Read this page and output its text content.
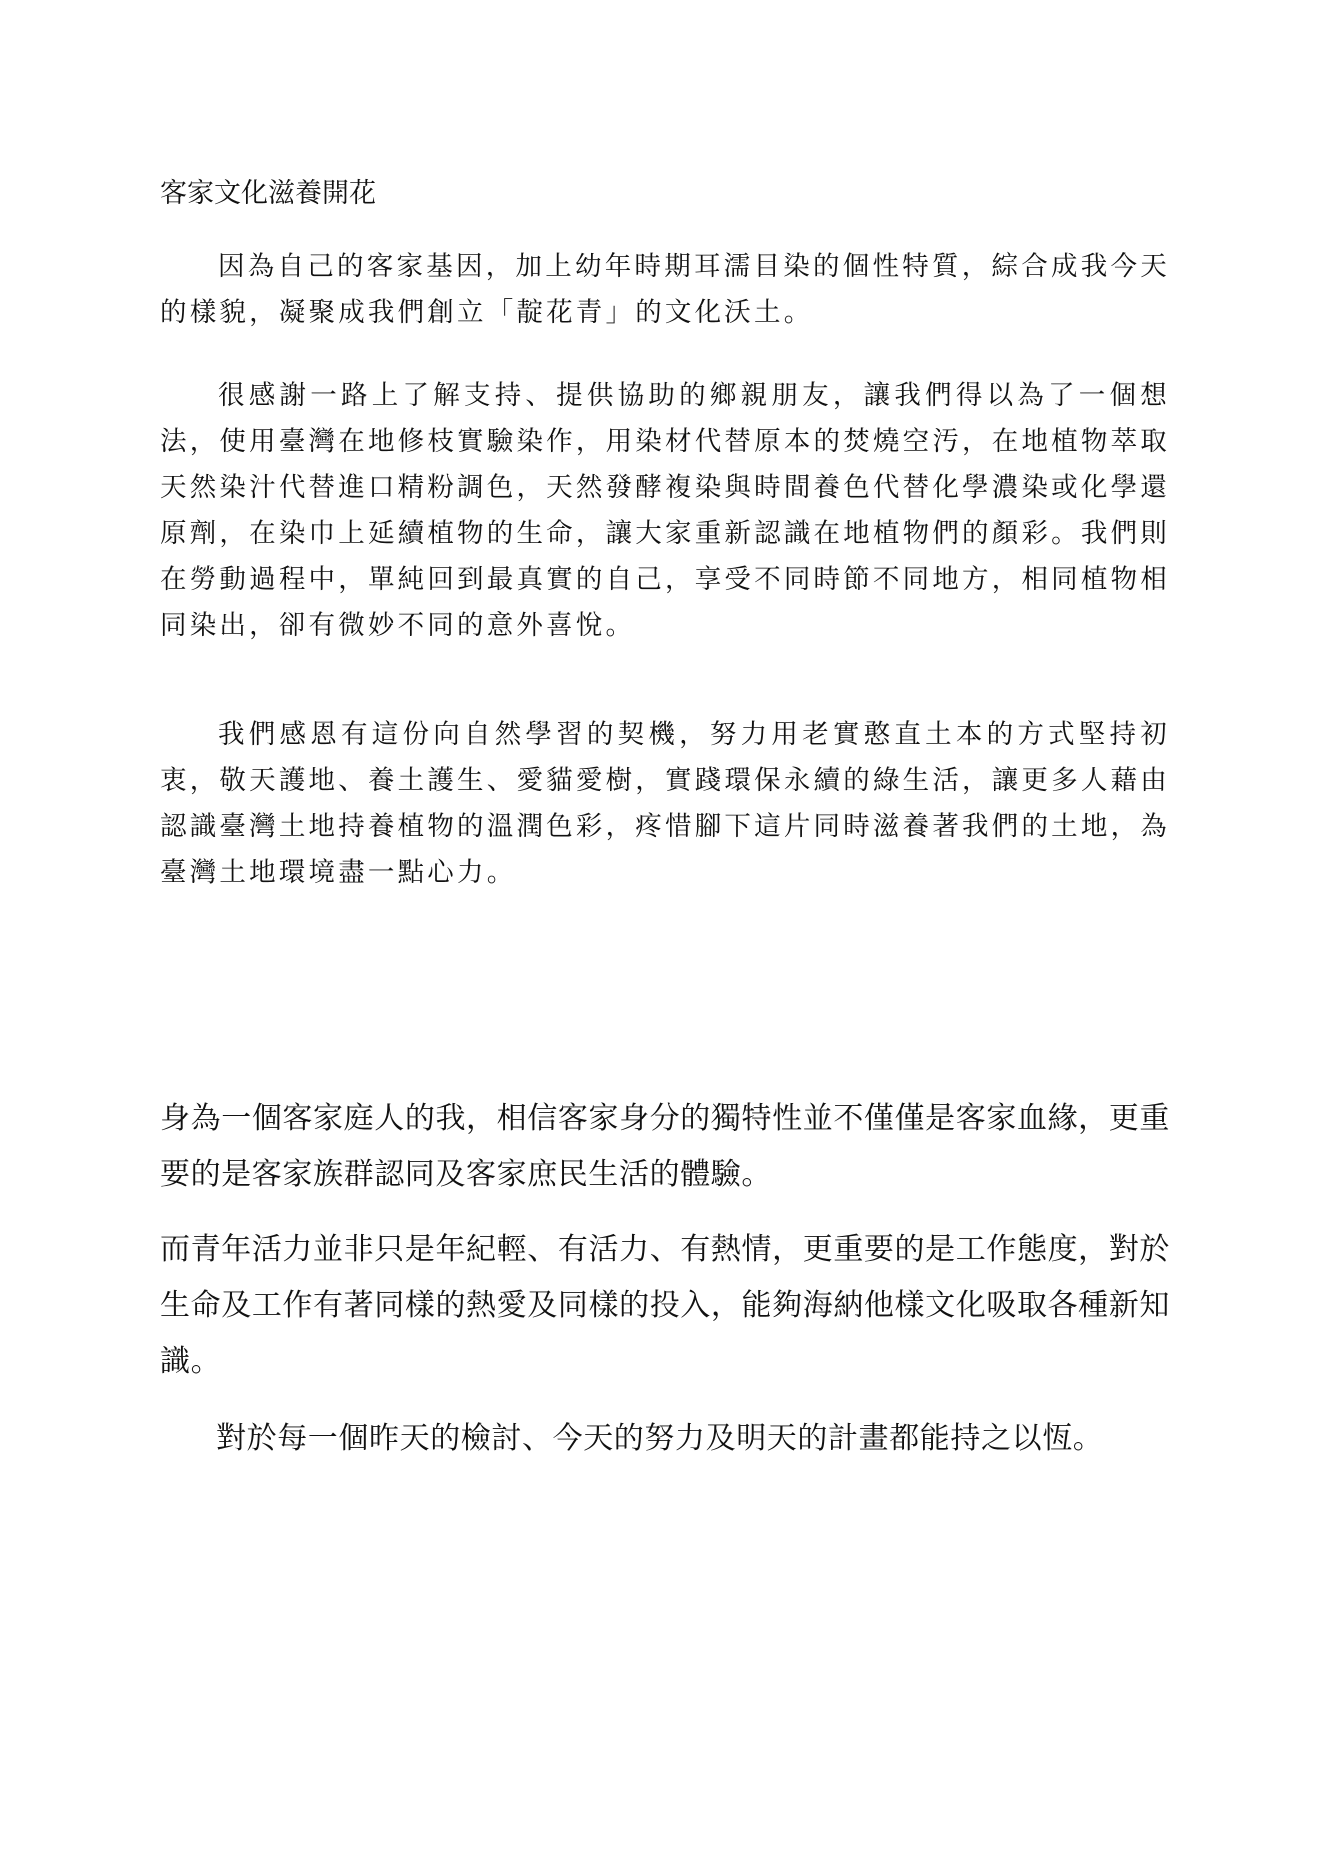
客家文化滋養開花

因為自己的客家基因，加上幼年時期耳濡目染的個性特質，綜合成我今天的樣貌，凝聚成我們創立「靛花青」的文化沃土。

很感謝一路上了解支持、提供協助的鄉親朋友，讓我們得以為了一個想法，使用臺灣在地修枝實驗染作，用染材代替原本的焚燒空汚，在地植物萃取天然染汁代替進口精粉調色，天然發酵複染與時間養色代替化學濃染或化學還原劑，在染巾上延續植物的生命，讓大家重新認識在地植物們的顏彩。我們則在勞動過程中，單純回到最真實的自己，享受不同時節不同地方，相同植物相同染出，卻有微妙不同的意外喜悅。

我們感恩有這份向自然學習的契機，努力用老實憨直土本的方式堅持初衷，敬天護地、養土護生、愛貓愛樹，實踐環保永續的綠生活，讓更多人藉由認識臺灣土地持養植物的溫潤色彩，疼惜腳下這片同時滋養著我們的土地，為臺灣土地環境盡一點心力。

身為一個客家庭人的我，相信客家身分的獨特性並不僅僅是客家血緣，更重要的是客家族群認同及客家庶民生活的體驗。

而青年活力並非只是年紀輕、有活力、有熱情，更重要的是工作態度，對於生命及工作有著同樣的熱愛及同樣的投入，能夠海納他樣文化吸取各種新知識。

對於每一個昨天的檢討、今天的努力及明天的計畫都能持之以恆。
